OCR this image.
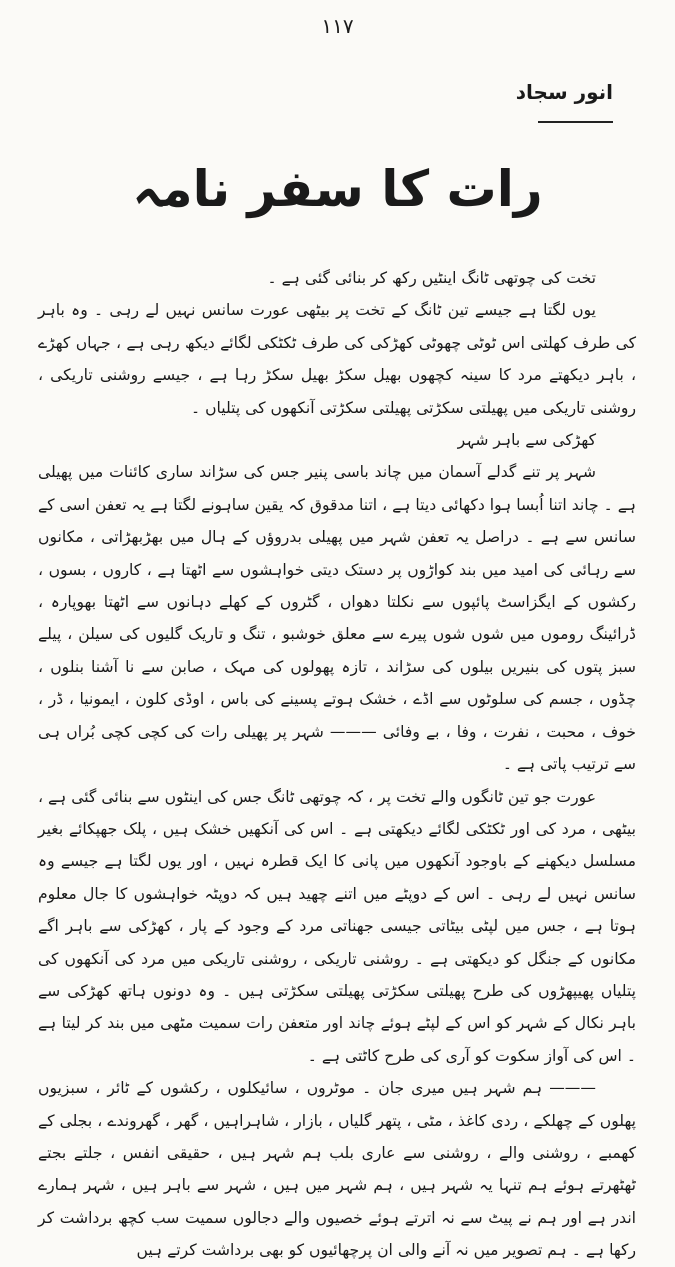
۱۱۷
انور سجاد
رات کا سفر نامہ

تخت کی چوتھی ٹانگ اینٹیں رکھ کر بنائی گئی ہے ۔

یوں لگتا ہے جیسے تین ٹانگ کے تخت پر بیٹھی عورت سانس نہیں لے رہی ۔ وہ باہر کی طرف کھلتی اس ٹوٹی چھوٹی کھڑکی کی طرف ٹکٹکی لگائے دیکھ رہی ہے ، جہاں کھڑے ، باہر دیکھتے مرد کا سینہ کچھوں بھیل سکڑ بھیل سکڑ رہا ہے ، جیسے روشنی تاریکی ، روشنی تاریکی میں پھیلتی سکڑتی پھیلتی سکڑتی آنکھوں کی پتلیاں ۔

کھڑکی سے باہر شہر

شہر پر تنے گدلے آسمان میں چاند باسی پنیر جس کی سڑاند ساری کائنات میں پھیلی ہے ۔ چاند اتنا اُبسا ہوا دکھائی دیتا ہے ، اتنا مدقوق کہ یقین ساہونے لگتا ہے یہ تعفن اسی کے سانس سے ہے ۔ دراصل یہ تعفن شہر میں پھیلی بدروؤں کے ہال میں بھڑبھڑاتی ، مکانوں سے رہائی کی امید میں بند کواڑوں پر دستک دیتی خواہشوں سے اٹھتا ہے ، کاروں ، بسوں ، رکشوں کے ایگزاسٹ پائپوں سے نکلتا دھواں ، گٹروں کے کھلے دہانوں سے اٹھتا بھوپارہ ، ڈرائینگ روموں میں شوں شوں پیرے سے معلق خوشبو ، تنگ و تاریک گلیوں کی سیلن ، پیلے سبز پتوں کی بنیریں بیلوں کی سڑاند ، تازہ پھولوں کی مہک ، صابن سے نا آشنا بنلوں ، چڈوں ، جسم کی سلوٹوں سے اڈے ، خشک ہوتے پسینے کی باس ، اوڈی کلون ، ایمونیا ، ڈر ، خوف ، محبت ، نفرت ، وفا ، بے وفائی ——— شہر پر پھیلی رات کی کچی کچی بُراں ہی سے ترتیب پاتی ہے ۔

عورت جو تین ٹانگوں والے تخت پر ، کہ چوتھی ٹانگ جس کی اینٹوں سے بنائی گئی ہے ، بیٹھی ، مرد کی اور ٹکٹکی لگائے دیکھتی ہے ۔ اس کی آنکھیں خشک ہیں ، پلک جھپکائے بغیر مسلسل دیکھنے کے باوجود آنکھوں میں پانی کا ایک قطرہ نہیں ، اور یوں لگتا ہے جیسے وہ سانس نہیں لے رہی ۔ اس کے دوپٹے میں اتنے چھید ہیں کہ دوپٹہ خواہشوں کا جال معلوم ہوتا ہے ، جس میں لپٹی بیٹاتی جیسی جھناتی مرد کے وجود کے پار ، کھڑکی سے باہر اگے مکانوں کے جنگل کو دیکھتی ہے ۔ روشنی تاریکی ، روشنی تاریکی میں مرد کی آنکھوں کی پتلیاں پھیپھڑوں کی طرح پھیلتی سکڑتی پھیلتی سکڑتی ہیں ۔ وہ دونوں ہاتھ کھڑکی سے باہر نکال کے شہر کو اس کے لپٹے ہوئے چاند اور متعفن رات سمیت مٹھی میں بند کر لیتا ہے ۔ اس کی آواز سکوت کو آری کی طرح کاٹتی ہے ۔

——— ہم شہر ہیں میری جان ۔ موٹروں ، سائیکلوں ، رکشوں کے ٹائر ، سبزیوں پھلوں کے چھلکے ، ردی کاغذ ، مٹی ، پتھر گلیاں ، بازار ، شاہراہیں ، گھر ، گھروندے ، بجلی کے کھمبے ، روشنی والے ، روشنی سے عاری بلب ہم شہر ہیں ، حقیقی انفس ، جلتے بجتے ٹھٹھرتے ہوئے ہم تنہا یہ شہر ہیں ، ہم شہر میں ہیں ، شہر سے باہر ہیں ، شہر ہمارے اندر ہے اور ہم نے پیٹ سے نہ اترتے ہوئے خصیوں والے دجالوں سمیت سب کچھ برداشت کر رکھا ہے ۔ ہم تصویر میں نہ آنے والی ان پرچھائیوں کو بھی برداشت کرتے ہیں
